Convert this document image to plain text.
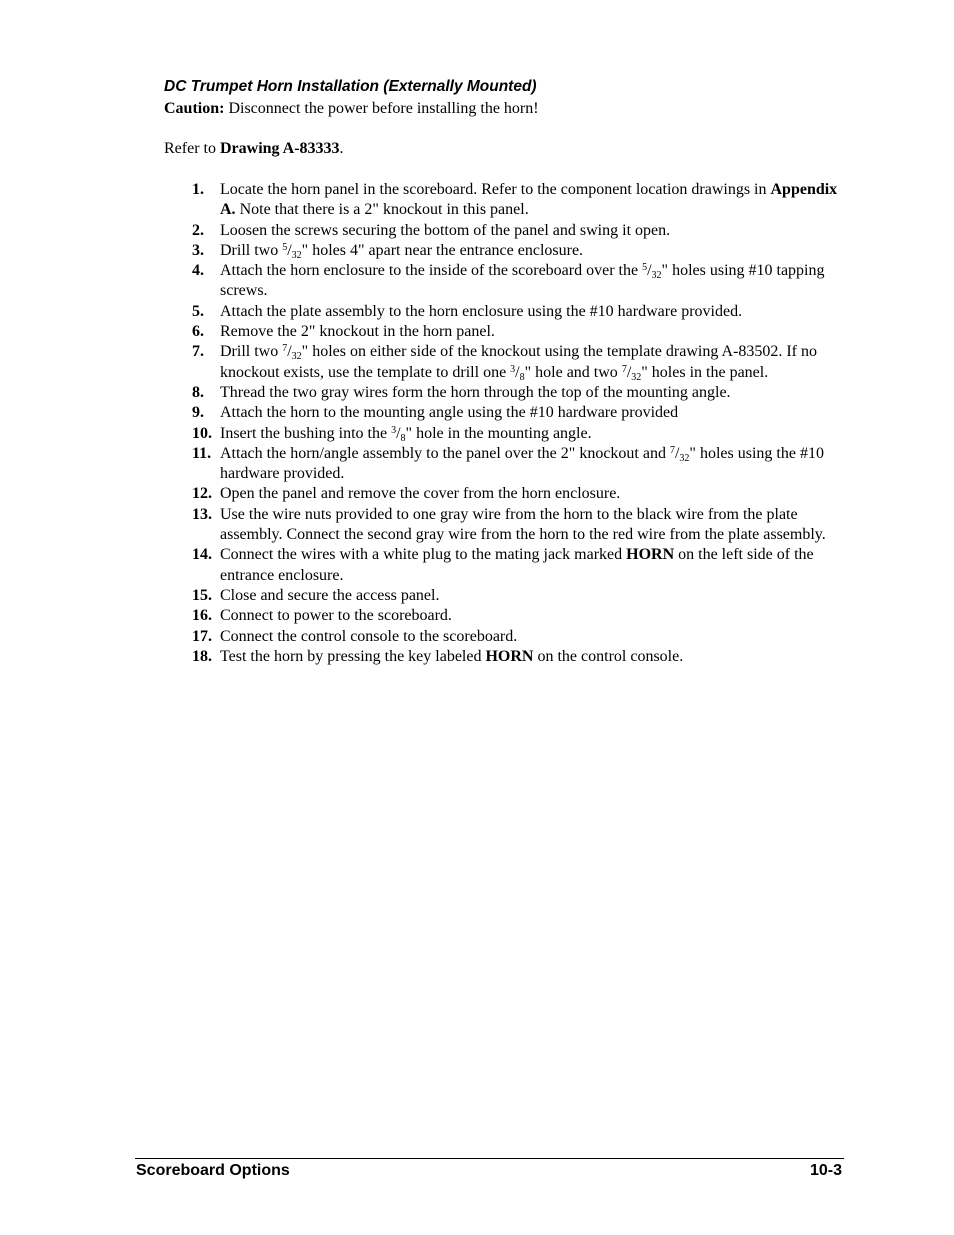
DC Trumpet Horn Installation (Externally Mounted)

Caution: Disconnect the power before installing the horn!

Refer to Drawing A-83333.

1. Locate the horn panel in the scoreboard. Refer to the component location drawings in Appendix A. Note that there is a 2" knockout in this panel.
2. Loosen the screws securing the bottom of the panel and swing it open.
3. Drill two $^5/_{32}$" holes 4" apart near the entrance enclosure.
4. Attach the horn enclosure to the inside of the scoreboard over the $^5/_{32}$" holes using #10 tapping screws.
5. Attach the plate assembly to the horn enclosure using the #10 hardware provided.
6. Remove the 2" knockout in the horn panel.
7. Drill two $^7/_{32}$" holes on either side of the knockout using the template drawing A-83502. If no knockout exists, use the template to drill one $^3/_8$" hole and two $^7/_{32}$" holes in the panel.
8. Thread the two gray wires form the horn through the top of the mounting angle.
9. Attach the horn to the mounting angle using the #10 hardware provided
10. Insert the bushing into the $^3/_8$" hole in the mounting angle.
11. Attach the horn/angle assembly to the panel over the 2" knockout and $^7/_{32}$" holes using the #10 hardware provided.
12. Open the panel and remove the cover from the horn enclosure.
13. Use the wire nuts provided to one gray wire from the horn to the black wire from the plate assembly. Connect the second gray wire from the horn to the red wire from the plate assembly.
14. Connect the wires with a white plug to the mating jack marked HORN on the left side of the entrance enclosure.
15. Close and secure the access panel.
16. Connect to power to the scoreboard.
17. Connect the control console to the scoreboard.
18. Test the horn by pressing the key labeled HORN on the control console.
Scoreboard Options	10-3
